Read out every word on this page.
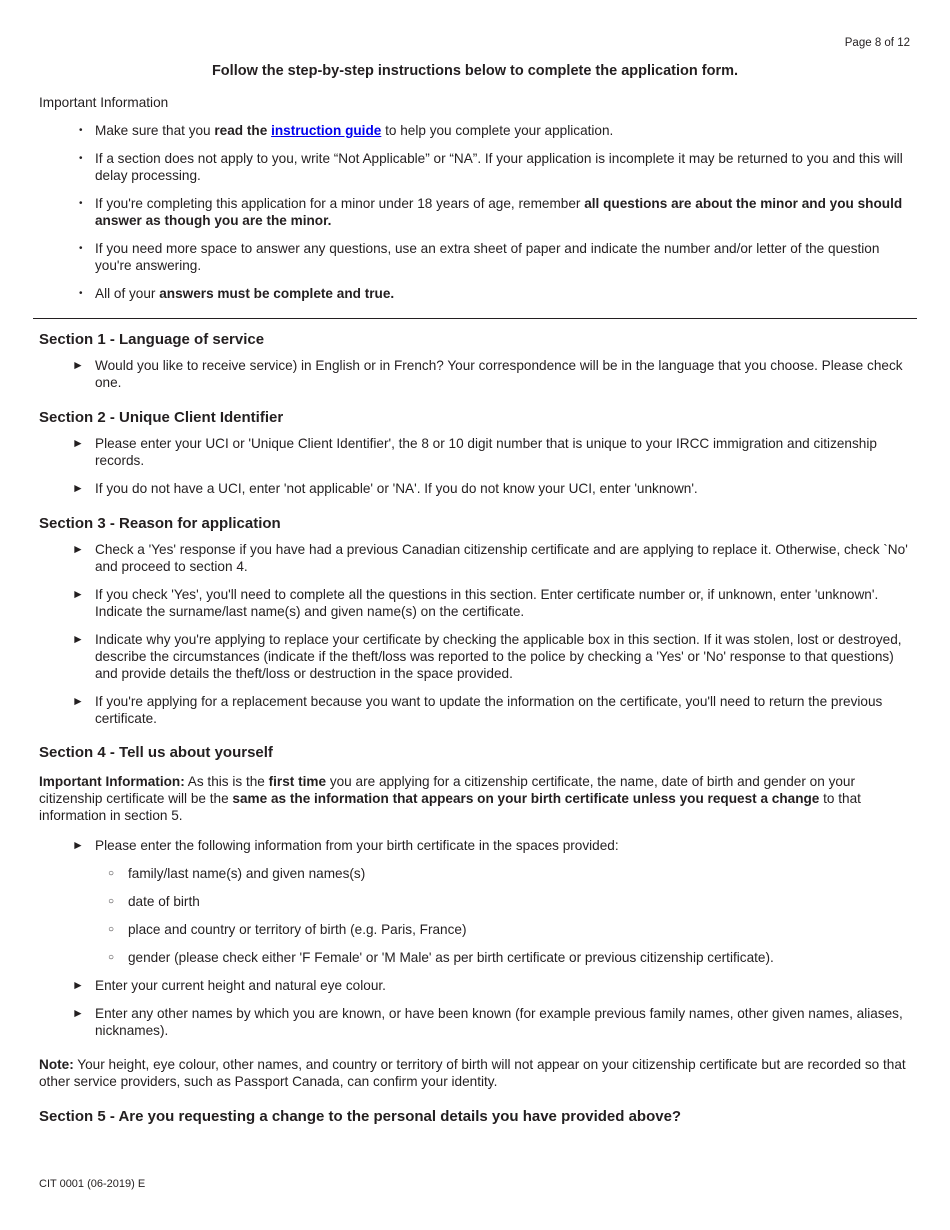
Page 8 of 12
Follow the step-by-step instructions below to complete the application form.
Important Information
• Make sure that you read the instruction guide to help you complete your application.
• If a section does not apply to you, write “Not Applicable” or “NA”. If your application is incomplete it may be returned to you and this will delay processing.
• If you're completing this application for a minor under 18 years of age, remember all questions are about the minor and you should answer as though you are the minor.
• If you need more space to answer any questions, use an extra sheet of paper and indicate the number and/or letter of the question you're answering.
• All of your answers must be complete and true.
Section 1 - Language of service
► Would you like to receive service) in English or in French? Your correspondence will be in the language that you choose. Please check one.
Section 2 - Unique Client Identifier
► Please enter your UCI or 'Unique Client Identifier', the 8 or 10 digit number that is unique to your IRCC immigration and citizenship records.
► If you do not have a UCI, enter 'not applicable' or 'NA'. If you do not know your UCI, enter 'unknown'.
Section 3 - Reason for application
► Check a 'Yes' response if you have had a previous Canadian citizenship certificate and are applying to replace it. Otherwise, check `No' and proceed to section 4.
► If you check 'Yes', you'll need to complete all the questions in this section. Enter certificate number or, if unknown, enter 'unknown'. Indicate the surname/last name(s) and given name(s) on the certificate.
► Indicate why you're applying to replace your certificate by checking the applicable box in this section. If it was stolen, lost or destroyed, describe the circumstances (indicate if the theft/loss was reported to the police by checking a 'Yes' or 'No' response to that questions) and provide details the theft/loss or destruction in the space provided.
► If you're applying for a replacement because you want to update the information on the certificate, you'll need to return the previous certificate.
Section 4 - Tell us about yourself
Important Information: As this is the first time you are applying for a citizenship certificate, the name, date of birth and gender on your citizenship certificate will be the same as the information that appears on your birth certificate unless you request a change to that information in section 5.
► Please enter the following information from your birth certificate in the spaces provided:
○ family/last name(s) and given names(s)
○ date of birth
○ place and country or territory of birth (e.g. Paris, France)
○ gender (please check either 'F Female' or 'M Male' as per birth certificate or previous citizenship certificate).
► Enter your current height and natural eye colour.
► Enter any other names by which you are known, or have been known (for example previous family names, other given names, aliases, nicknames).
Note: Your height, eye colour, other names, and country or territory of birth will not appear on your citizenship certificate but are recorded so that other service providers, such as Passport Canada, can confirm your identity.
Section 5 - Are you requesting a change to the personal details you have provided above?
CIT 0001 (06-2019) E
